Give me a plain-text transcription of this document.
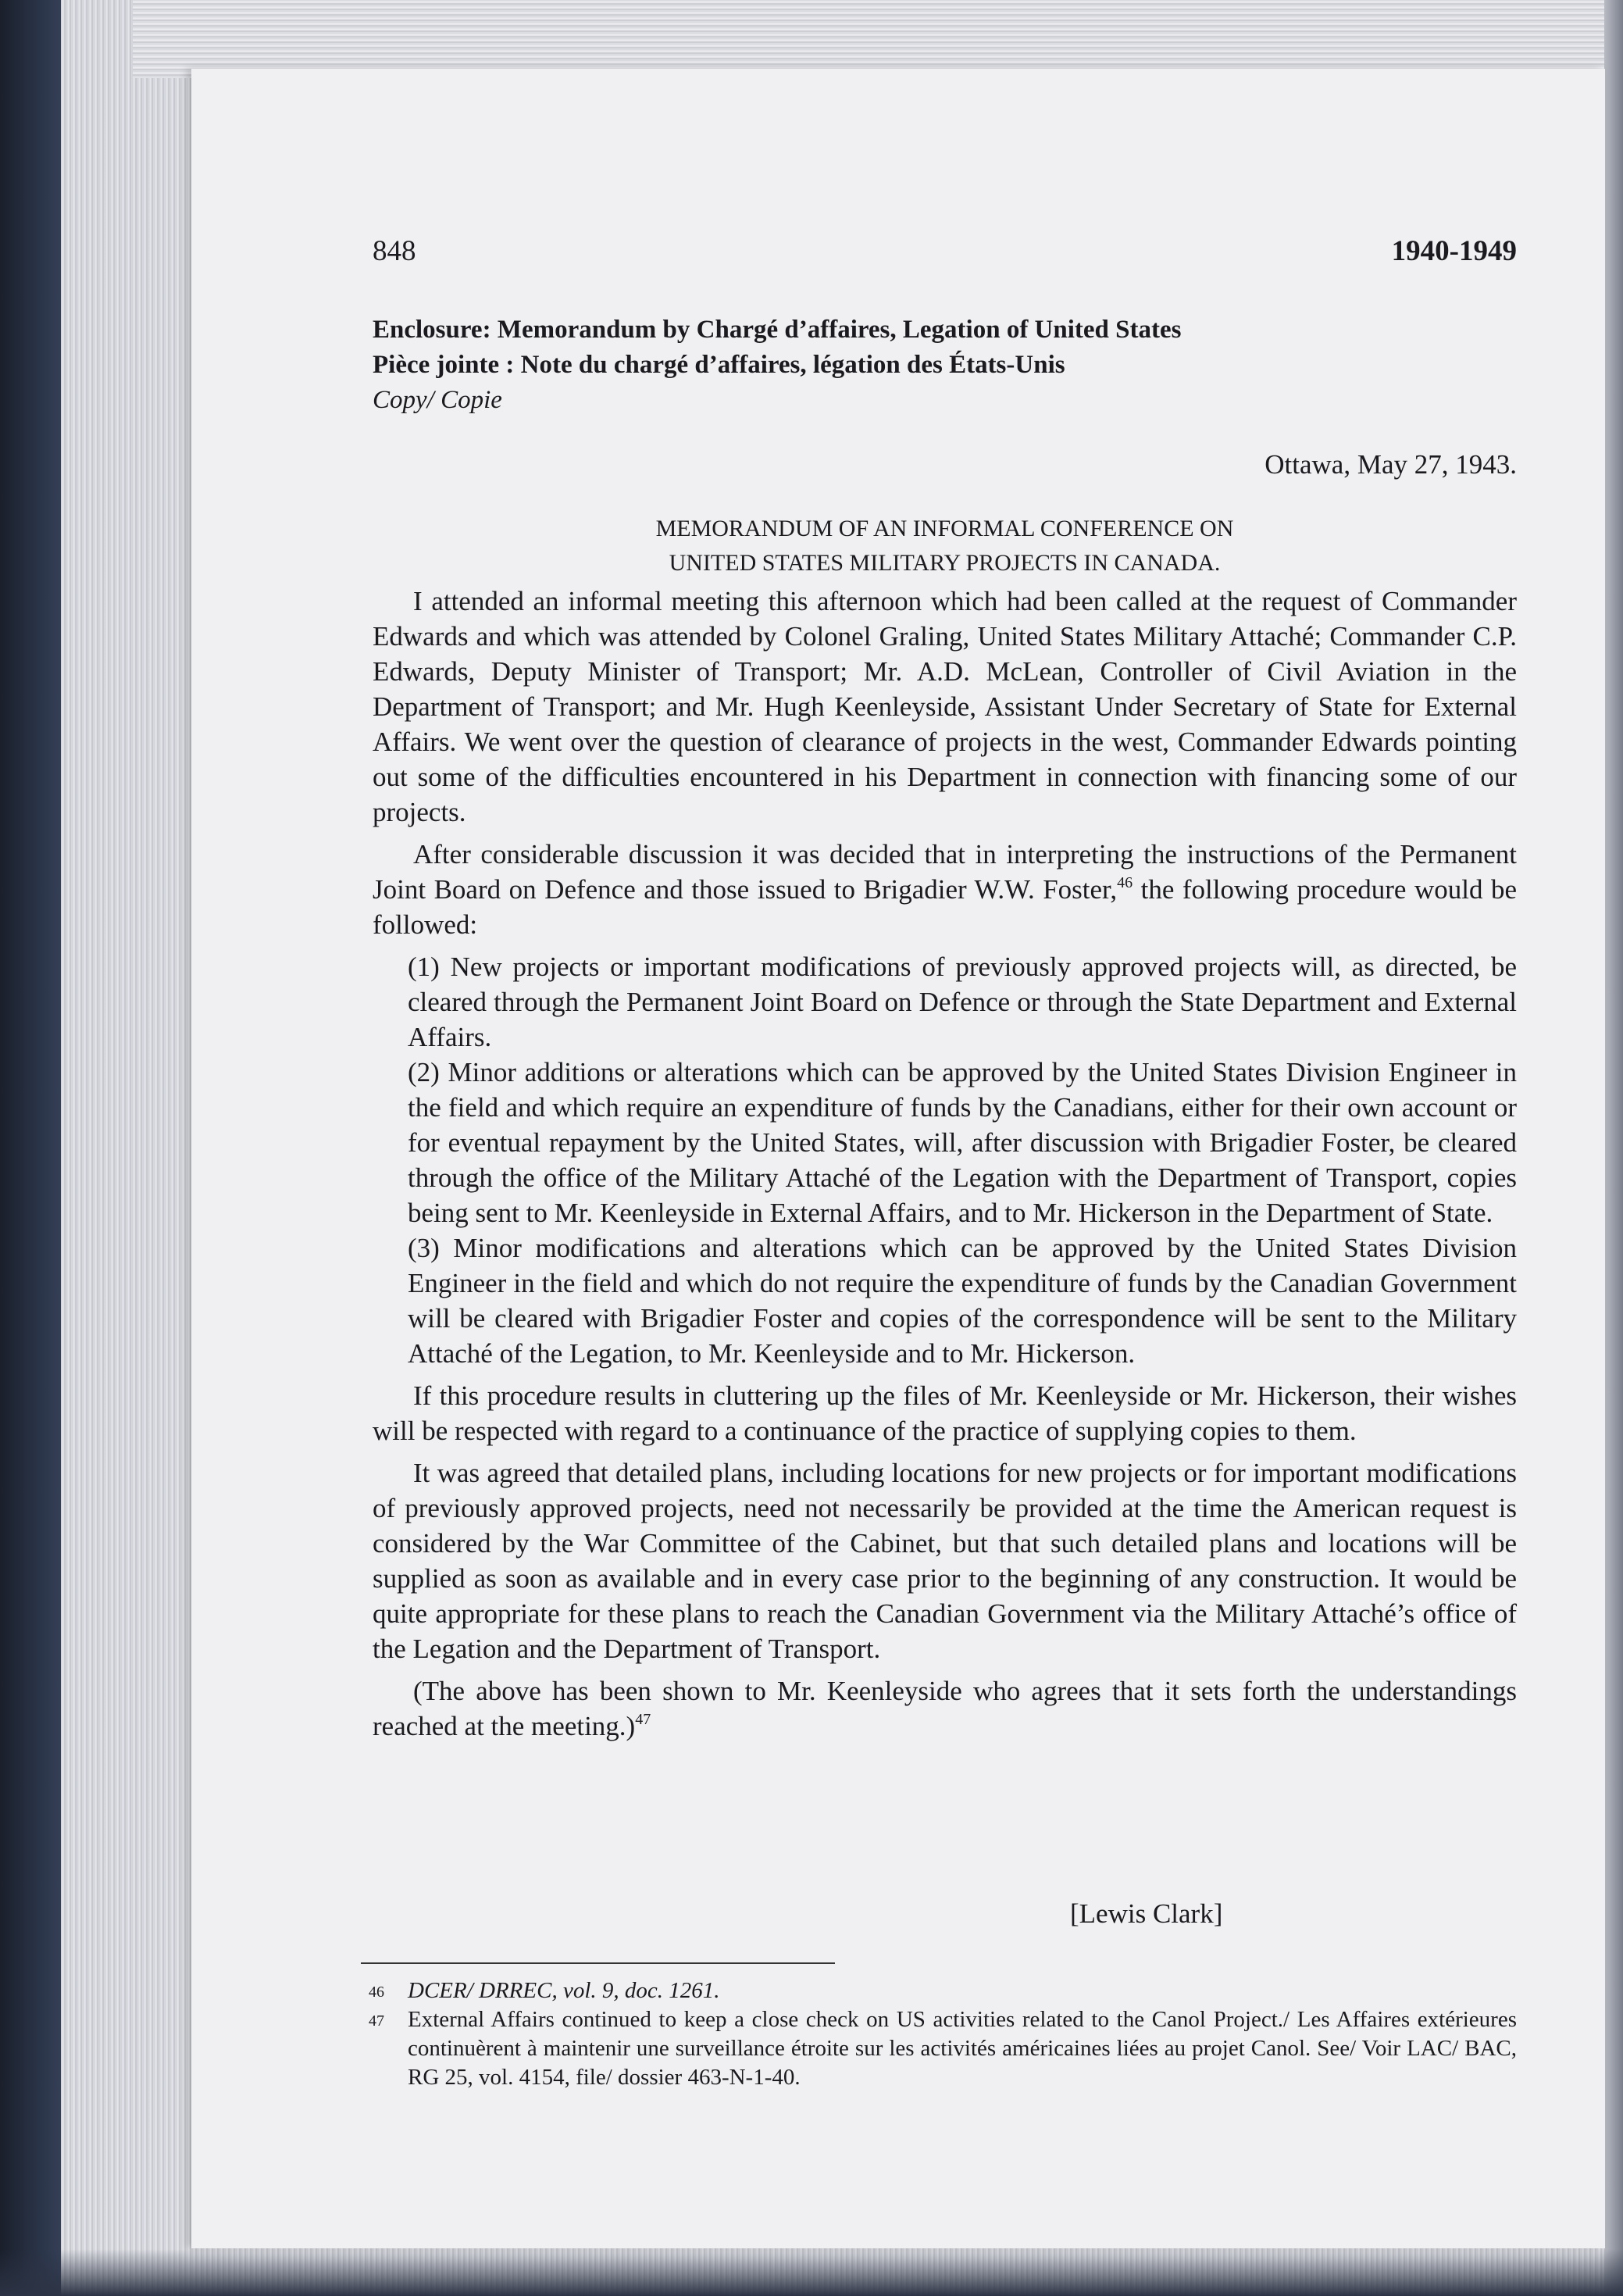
848	1940-1949
Enclosure: Memorandum by Chargé d’affaires, Legation of United States
Pièce jointe : Note du chargé d’affaires, légation des États-Unis
Copy/ Copie
Ottawa, May 27, 1943.
MEMORANDUM OF AN INFORMAL CONFERENCE ON
UNITED STATES MILITARY PROJECTS IN CANADA.

I attended an informal meeting this afternoon which had been called at the request of Commander Edwards and which was attended by Colonel Graling, United States Military Attaché; Commander C.P. Edwards, Deputy Minister of Transport; Mr. A.D. McLean, Controller of Civil Aviation in the Department of Transport; and Mr. Hugh Keenleyside, Assistant Under Secretary of State for External Affairs. We went over the question of clearance of projects in the west, Commander Edwards pointing out some of the difficulties encountered in his Department in connection with financing some of our projects.

After considerable discussion it was decided that in interpreting the instructions of the Permanent Joint Board on Defence and those issued to Brigadier W.W. Foster,$^{46}$ the following procedure would be followed:

(1) New projects or important modifications of previously approved projects will, as directed, be cleared through the Permanent Joint Board on Defence or through the State Department and External Affairs.

(2) Minor additions or alterations which can be approved by the United States Division Engineer in the field and which require an expenditure of funds by the Canadians, either for their own account or for eventual repayment by the United States, will, after discussion with Brigadier Foster, be cleared through the office of the Military Attaché of the Legation with the Department of Transport, copies being sent to Mr. Keenleyside in External Affairs, and to Mr. Hickerson in the Department of State.

(3) Minor modifications and alterations which can be approved by the United States Division Engineer in the field and which do not require the expenditure of funds by the Canadian Government will be cleared with Brigadier Foster and copies of the correspondence will be sent to the Military Attaché of the Legation, to Mr. Keenleyside and to Mr. Hickerson.

If this procedure results in cluttering up the files of Mr. Keenleyside or Mr. Hickerson, their wishes will be respected with regard to a continuance of the practice of supplying copies to them.

It was agreed that detailed plans, including locations for new projects or for important modifications of previously approved projects, need not necessarily be provided at the time the American request is considered by the War Committee of the Cabinet, but that such detailed plans and locations will be supplied as soon as available and in every case prior to the beginning of any construction. It would be quite appropriate for these plans to reach the Canadian Government via the Military Attaché’s office of the Legation and the Department of Transport.

(The above has been shown to Mr. Keenleyside who agrees that it sets forth the understandings reached at the meeting.)$^{47}$

[Lewis Clark]
46 DCER/ DRREC, vol. 9, doc. 1261.
47 External Affairs continued to keep a close check on US activities related to the Canol Project./ Les Affaires extérieures continuèrent à maintenir une surveillance étroite sur les activités américaines liées au projet Canol. See/ Voir LAC/ BAC, RG 25, vol. 4154, file/ dossier 463-N-1-40.
